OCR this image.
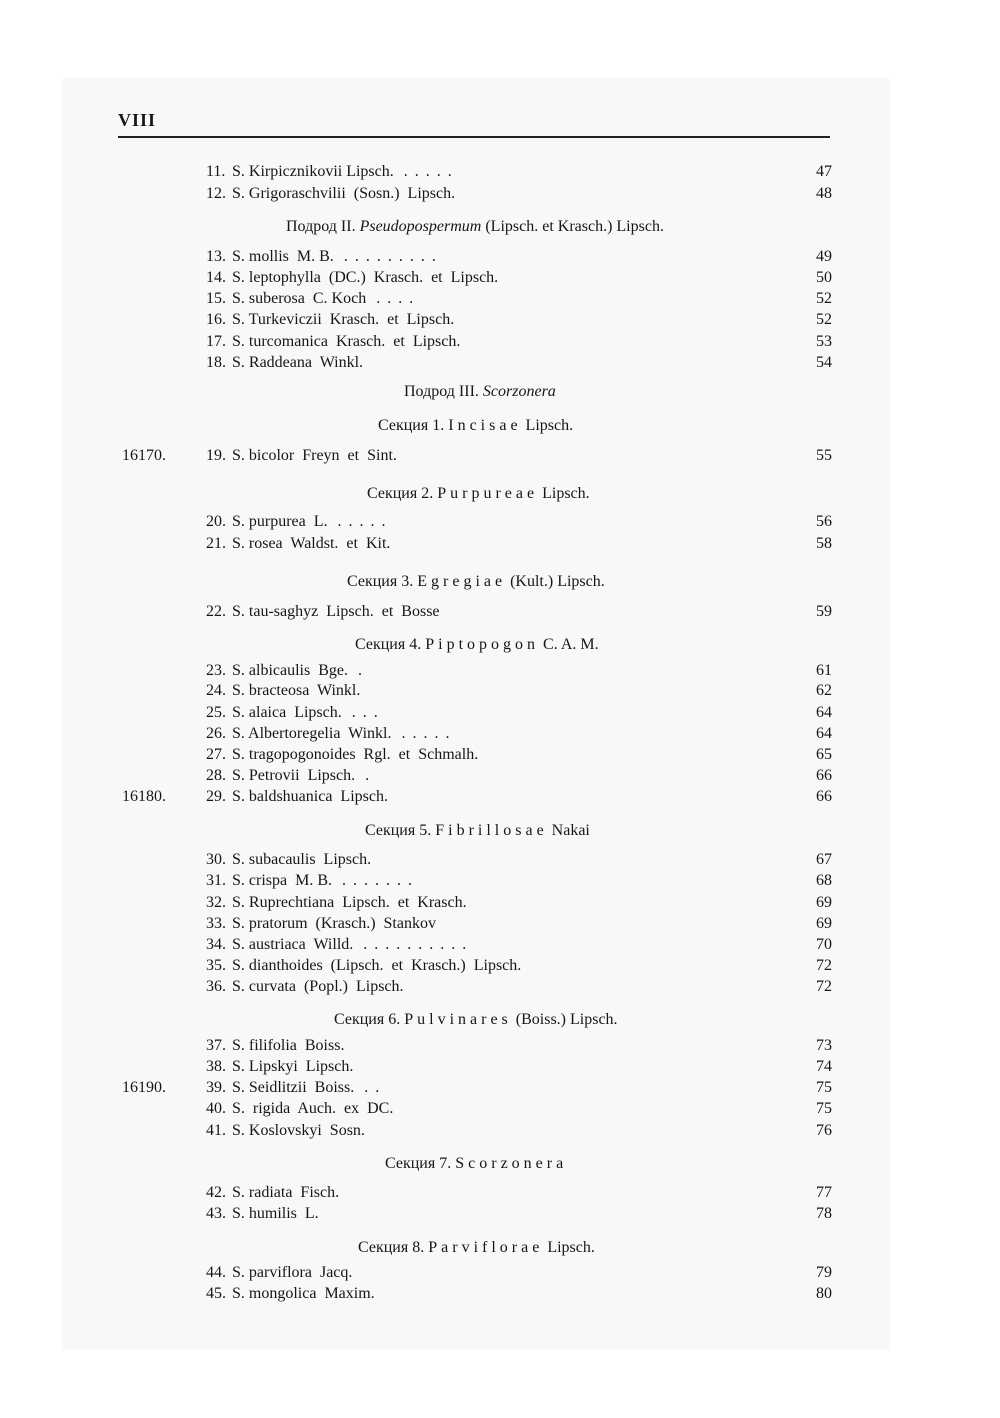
VIII
11. S. Kirpicznikovii Lipsch. .....	47
12. S. Grigoraschvilii  (Sosn.)  Lipsch.	48
13. S. mollis  M. B. .........	49
14. S. leptophylla  (DC.)  Krasch.  et  Lipsch.	50
15. S. suberosa  C. Koch ....	52
16. S. Turkeviczii  Krasch.  et  Lipsch.	52
17. S. turcomanica  Krasch.  et  Lipsch.	53
18. S. Raddeana  Winkl.	54
16170.	19. S. bicolor  Freyn  et  Sint.	55
20. S. purpurea  L. .....	56
21. S. rosea  Waldst.  et  Kit.	58
22. S. tau-saghyz  Lipsch.  et  Bosse	59
23. S. albicaulis  Bge. .	61
24. S. bracteosa  Winkl.	62
25. S. alaica  Lipsch. ...	64
26. S. Albertoregelia  Winkl. .....	64
27. S. tragopogonoides  Rgl.  et  Schmalh.	65
28. S. Petrovii  Lipsch. .	66
16180.	29. S. baldshuanica  Lipsch.	66
30. S. subacaulis  Lipsch.	67
31. S. crispa  M. B. .......	68
32. S. Ruprechtiana  Lipsch.  et  Krasch.	69
33. S. pratorum  (Krasch.)  Stankov	69
34. S. austriaca  Willd. ..........	70
35. S. dianthoides  (Lipsch.  et  Krasch.)  Lipsch.	72
36. S. curvata  (Popl.)  Lipsch.	72
37. S. filifolia  Boiss.	73
38. S. Lipskyi  Lipsch.	74
16190.	39. S. Seidlitzii  Boiss. ..	75
40. S.  rigida  Auch.  ex  DC.	75
41. S. Koslovskyi  Sosn.	76
42. S. radiata  Fisch.	77
43. S. humilis  L.	78
44. S. parviflora  Jacq.	79
45. S. mongolica  Maxim.	80
Подрод II. Pseudopospermum (Lipsch. et Krasch.) Lipsch.
Подрод III. Scorzonera
Секция 1. Incisae Lipsch.
Секция 2. Purpureae Lipsch.
Секция 3. Egregiae (Kult.) Lipsch.
Секция 4. Piptopogon C. A. M.
Секция 5. Fibrillosae Nakai
Секция 6. Pulvinares (Boiss.) Lipsch.
Секция 7. Scorzonera
Секция 8. Parviflorae Lipsch.
